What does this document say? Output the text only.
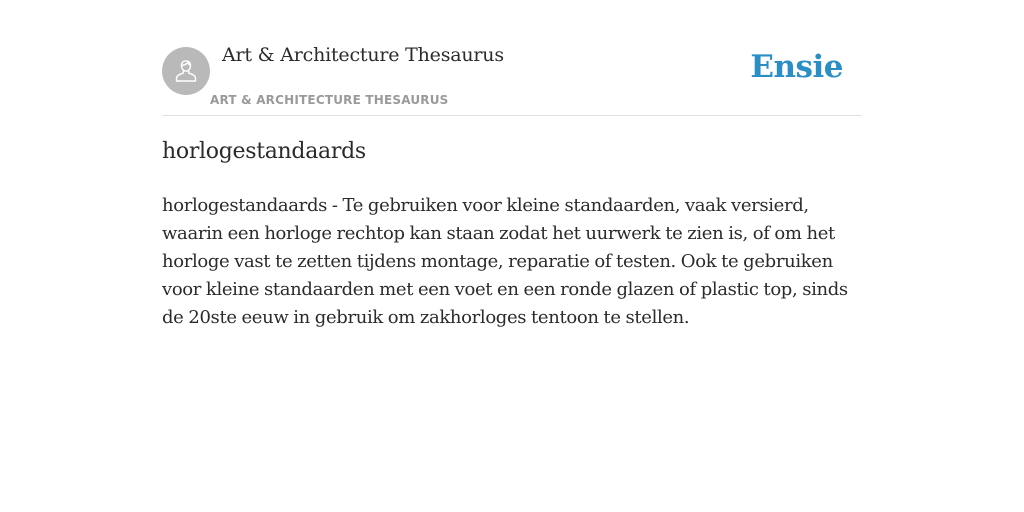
Art & Architecture Thesaurus
ART & ARCHITECTURE THESAURUS
Ensie
horlogestandaards

horlogestandaards - Te gebruiken voor kleine standaarden, vaak versierd, waarin een horloge rechtop kan staan zodat het uurwerk te zien is, of om het horloge vast te zetten tijdens montage, reparatie of testen. Ook te gebruiken voor kleine standaarden met een voet en een ronde glazen of plastic top, sinds de 20ste eeuw in gebruik om zakhorloges tentoon te stellen.
